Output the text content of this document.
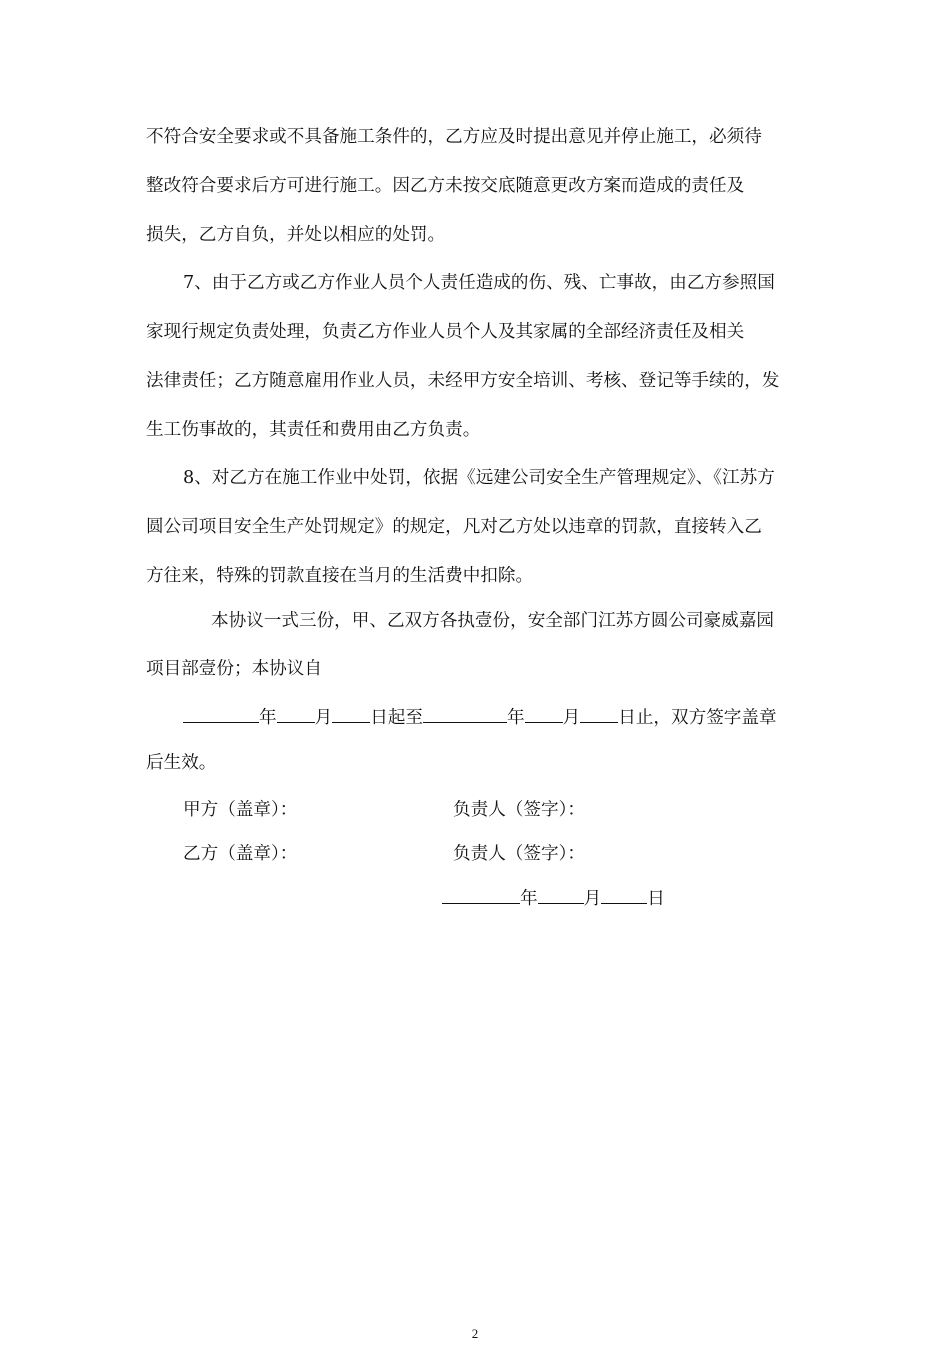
不符合安全要求或不具备施工条件的，乙方应及时提出意见并停止施工，必须待
整改符合要求后方可进行施工。因乙方未按交底随意更改方案而造成的责任及
损失，乙方自负，并处以相应的处罚。
7、由于乙方或乙方作业人员个人责任造成的伤、残、亡事故，由乙方参照国
家现行规定负责处理，负责乙方作业人员个人及其家属的全部经济责任及相关
法律责任；乙方随意雇用作业人员，未经甲方安全培训、考核、登记等手续的，发
生工伤事故的，其责任和费用由乙方负责。
8、对乙方在施工作业中处罚，依据《远建公司安全生产管理规定》、《江苏方
圆公司项目安全生产处罚规定》的规定，凡对乙方处以违章的罚款，直接转入乙
方往来，特殊的罚款直接在当月的生活费中扣除。
本协议一式三份，甲、乙双方各执壹份，安全部门江苏方圆公司豪威嘉园
项目部壹份；本协议自
年 月 日起至	年 月 日止，双方签字盖章
后生效。
甲方（盖章）：	负责人（签字）：
乙方（盖章）：	负责人（签字）：
年	月	日
2
